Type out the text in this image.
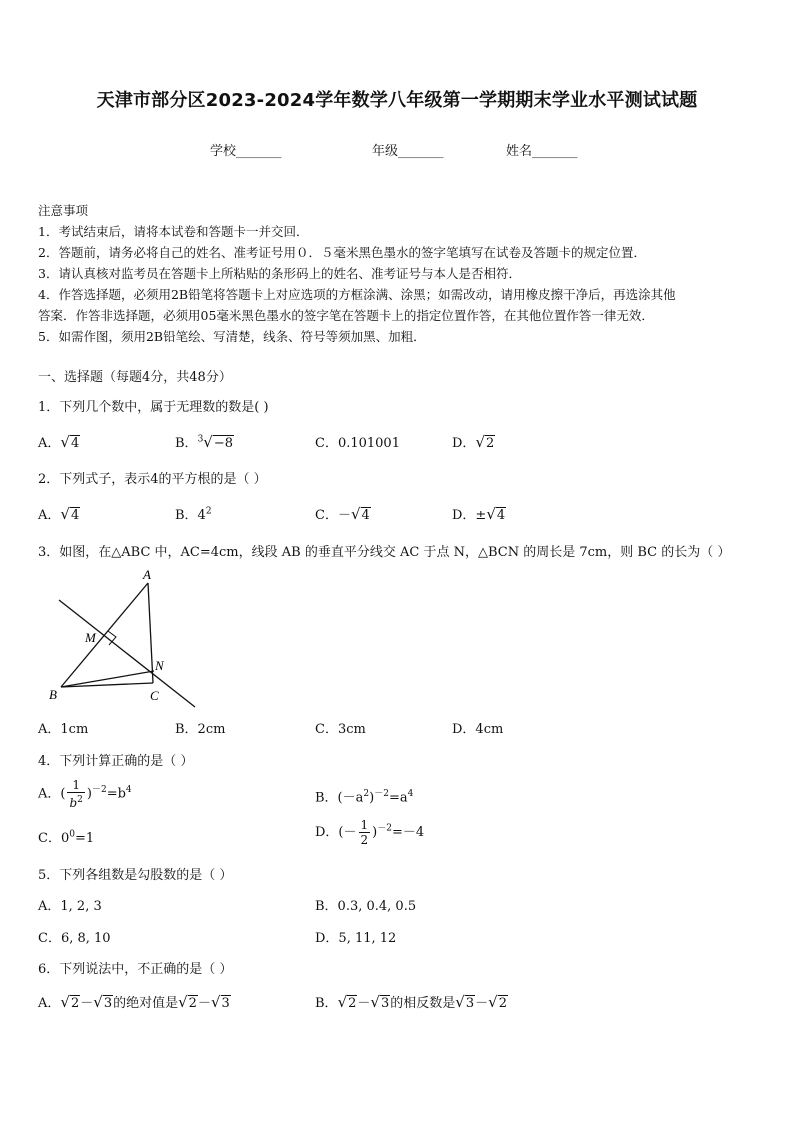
天津市部分区2023-2024学年数学八年级第一学期期末学业水平测试试题
学校_______	年级_______	姓名_______
注意事项
1．考试结束后，请将本试卷和答题卡一并交回．
2．答题前，请务必将自己的姓名、准考证号用０．５毫米黑色墨水的签字笔填写在试卷及答题卡的规定位置．
3．请认真核对监考员在答题卡上所粘贴的条形码上的姓名、准考证号与本人是否相符．
4．作答选择题，必须用2B铅笔将答题卡上对应选项的方框涂满、涂黑；如需改动，请用橡皮擦干净后，再选涂其他
答案．作答非选择题，必须用05毫米黑色墨水的签字笔在答题卡上的指定位置作答，在其他位置作答一律无效．
5．如需作图，须用2B铅笔绘、写清楚，线条、符号等须加黑、加粗．
一、选择题（每题4分，共48分）
1．下列几个数中，属于无理数的数是( )
A．√4	B．$^3$√−8	C．0.101001	D．√2
2．下列式子，表示4的平方根的是（ ）
A．√4	B．$4^2$	C．－√4	D．±√4
3．如图，在△ABC 中，AC=4cm，线段 AB 的垂直平分线交 AC 于点 N，△BCN 的周长是 7cm，则 BC 的长为（ ）
A
B	C
M
N
A．1cm	B．2cm	C．3cm	D．4cm
4．下列计算正确的是（ ）
A．( $\frac{1}{b^2} )^{-2}=b^4$
B．$(-a^2)^{-2}=a^4$
C．$0^0=1$	D．(－ $\frac{1}{2} )^{-2}=-4$
5．下列各组数是勾股数的是（ ）
A．1, 2, 3	B．0.3, 0.4, 0.5
C．6, 8, 10	D．5, 11, 12
6．下列说法中，不正确的是（ ）
A．√2－√3的绝对值是√2－√3	B．√2－√3的相反数是√3－√2
